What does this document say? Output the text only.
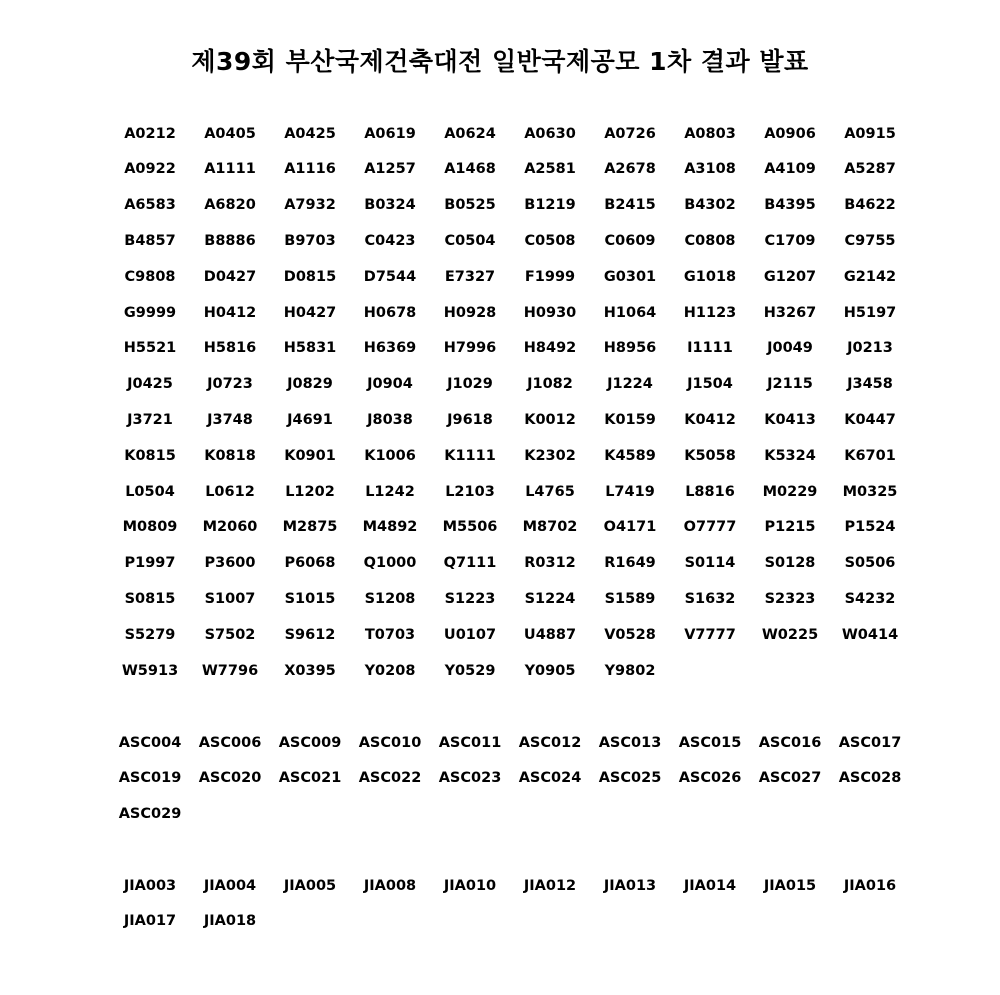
제39회 부산국제건축대전 일반국제공모 1차 결과 발표
A0212	A0405	A0425	A0619	A0624	A0630	A0726	A0803	A0906	A0915
A0922	A1111	A1116	A1257	A1468	A2581	A2678	A3108	A4109	A5287
A6583	A6820	A7932	B0324	B0525	B1219	B2415	B4302	B4395	B4622
B4857	B8886	B9703	C0423	C0504	C0508	C0609	C0808	C1709	C9755
C9808	D0427	D0815	D7544	E7327	F1999	G0301	G1018	G1207	G2142
G9999	H0412	H0427	H0678	H0928	H0930	H1064	H1123	H3267	H5197
H5521	H5816	H5831	H6369	H7996	H8492	H8956	I1111	J0049	J0213
J0425	J0723	J0829	J0904	J1029	J1082	J1224	J1504	J2115	J3458
J3721	J3748	J4691	J8038	J9618	K0012	K0159	K0412	K0413	K0447
K0815	K0818	K0901	K1006	K1111	K2302	K4589	K5058	K5324	K6701
L0504	L0612	L1202	L1242	L2103	L4765	L7419	L8816	M0229	M0325
M0809	M2060	M2875	M4892	M5506	M8702	O4171	O7777	P1215	P1524
P1997	P3600	P6068	Q1000	Q7111	R0312	R1649	S0114	S0128	S0506
S0815	S1007	S1015	S1208	S1223	S1224	S1589	S1632	S2323	S4232
S5279	S7502	S9612	T0703	U0107	U4887	V0528	V7777	W0225	W0414
W5913	W7796	X0395	Y0208	Y0529	Y0905	Y9802
ASC004	ASC006	ASC009	ASC010	ASC011	ASC012	ASC013	ASC015	ASC016	ASC017
ASC019	ASC020	ASC021	ASC022	ASC023	ASC024	ASC025	ASC026	ASC027	ASC028
ASC029
JIA003	JIA004	JIA005	JIA008	JIA010	JIA012	JIA013	JIA014	JIA015	JIA016
JIA017	JIA018
